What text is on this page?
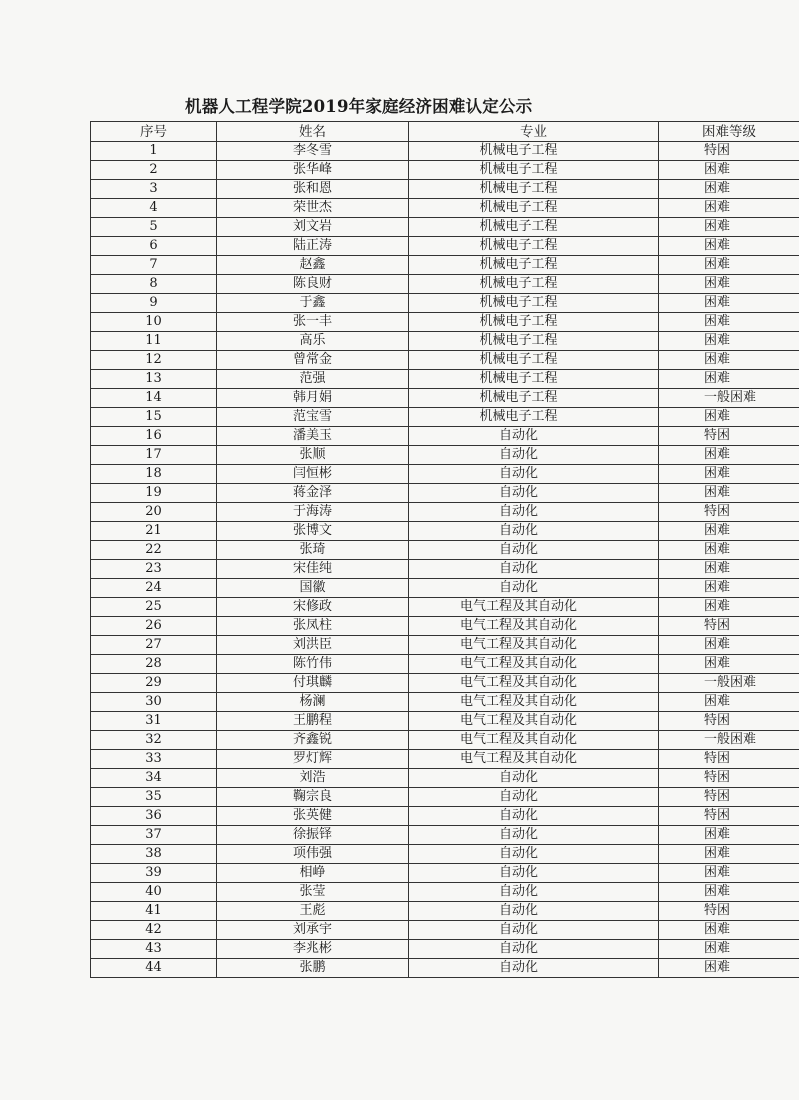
机器人工程学院2019年家庭经济困难认定公示
序号	姓名	专业	困难等级
1	李冬雪	机械电子工程	特困
2	张华峰	机械电子工程	困难
3	张和恩	机械电子工程	困难
4	荣世杰	机械电子工程	困难
5	刘文岩	机械电子工程	困难
6	陆正涛	机械电子工程	困难
7	赵鑫	机械电子工程	困难
8	陈良财	机械电子工程	困难
9	于鑫	机械电子工程	困难
10	张一丰	机械电子工程	困难
11	高乐	机械电子工程	困难
12	曾常金	机械电子工程	困难
13	范强	机械电子工程	困难
14	韩月娟	机械电子工程	一般困难
15	范宝雪	机械电子工程	困难
16	潘美玉	自动化	特困
17	张顺	自动化	困难
18	闫恒彬	自动化	困难
19	蒋金泽	自动化	困难
20	于海涛	自动化	特困
21	张博文	自动化	困难
22	张琦	自动化	困难
23	宋佳纯	自动化	困难
24	国徽	自动化	困难
25	宋修政	电气工程及其自动化	困难
26	张凤柱	电气工程及其自动化	特困
27	刘洪臣	电气工程及其自动化	困难
28	陈竹伟	电气工程及其自动化	困难
29	付琪麟	电气工程及其自动化	一般困难
30	杨澜	电气工程及其自动化	困难
31	王鹏程	电气工程及其自动化	特困
32	齐鑫锐	电气工程及其自动化	一般困难
33	罗灯辉	电气工程及其自动化	特困
34	刘浩	自动化	特困
35	鞠宗良	自动化	特困
36	张英健	自动化	特困
37	徐振铎	自动化	困难
38	项伟强	自动化	困难
39	相峥	自动化	困难
40	张莹	自动化	困难
41	王彪	自动化	特困
42	刘承宇	自动化	困难
43	李兆彬	自动化	困难
44	张鹏	自动化	困难
